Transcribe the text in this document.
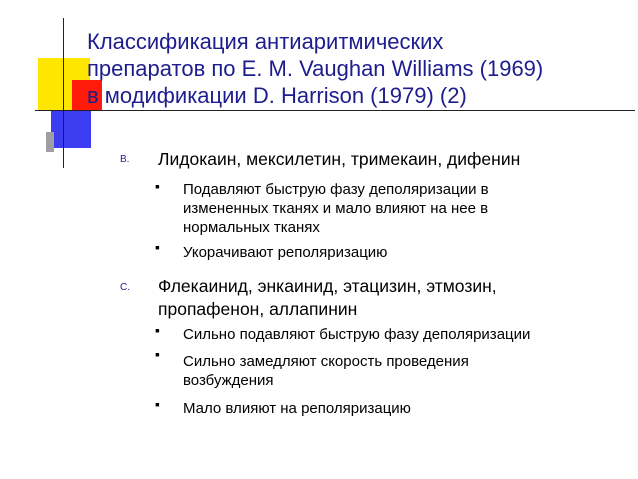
Классификация антиаритмических
препаратов по E. M. Vaughan Williams (1969)
в модификации D. Harrison (1979) (2)
B. Лидокаин, мексилетин, тримекаин, дифенин
▪ Подавляют быструю фазу деполяризации в
измененных тканях и мало влияют на нее в
нормальных тканях
▪ Укорачивают реполяризацию
C. Флекаинид, энкаинид, этацизин, этмозин,
пропафенон, аллапинин
▪ Сильно подавляют быструю фазу деполяризации
▪ Сильно замедляют скорость проведения
возбуждения
▪ Мало влияют на реполяризацию
